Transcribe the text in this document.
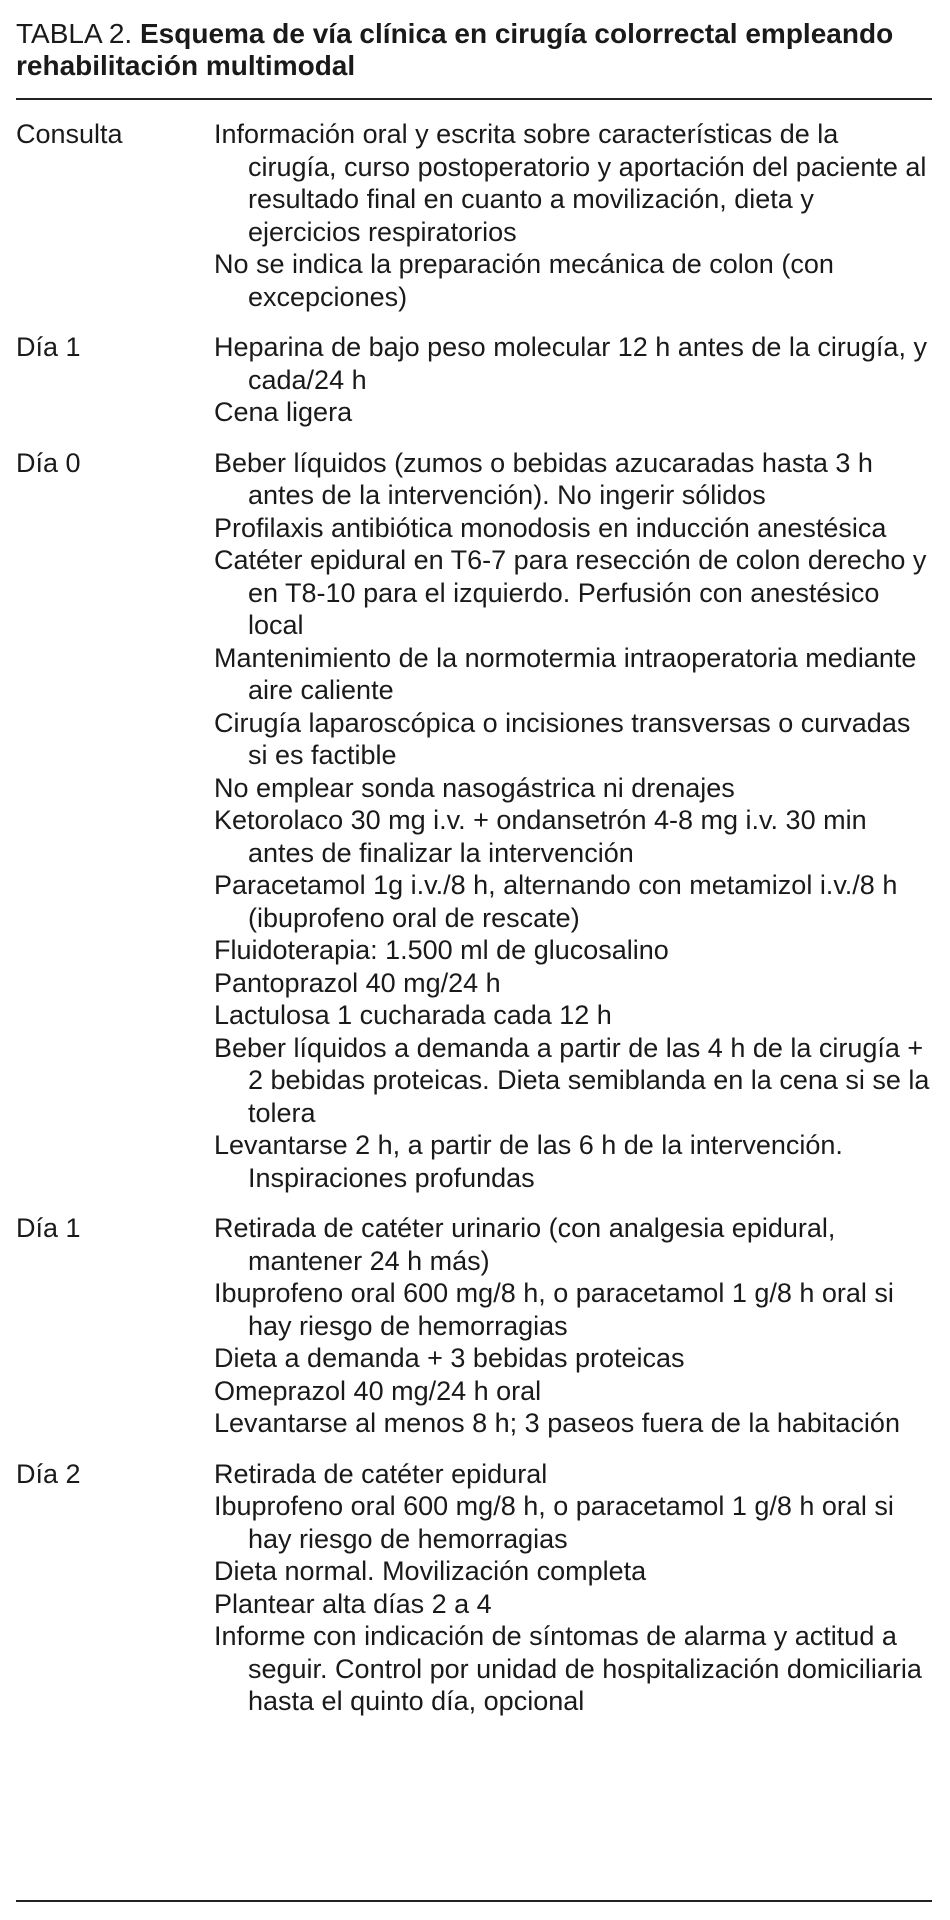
TABLA 2. Esquema de vía clínica en cirugía colorrectal empleando rehabilitación multimodal
Consulta	Información oral y escrita sobre características de la cirugía, curso postoperatorio y aportación del paciente al resultado final en cuanto a movilización, dieta y ejercicios respiratorios
No se indica la preparación mecánica de colon (con excepciones)
Día 1	Heparina de bajo peso molecular 12 h antes de la cirugía, y cada/24 h
Cena ligera
Día 0	Beber líquidos (zumos o bebidas azucaradas hasta 3 h antes de la intervención). No ingerir sólidos
Profilaxis antibiótica monodosis en inducción anestésica
Catéter epidural en T6-7 para resección de colon derecho y en T8-10 para el izquierdo. Perfusión con anestésico local
Mantenimiento de la normotermia intraoperatoria mediante aire caliente
Cirugía laparoscópica o incisiones transversas o curvadas si es factible
No emplear sonda nasogástrica ni drenajes
Ketorolaco 30 mg i.v. + ondansetrón 4-8 mg i.v. 30 min antes de finalizar la intervención
Paracetamol 1g i.v./8 h, alternando con metamizol i.v./8 h (ibuprofeno oral de rescate)
Fluidoterapia: 1.500 ml de glucosalino
Pantoprazol 40 mg/24 h
Lactulosa 1 cucharada cada 12 h
Beber líquidos a demanda a partir de las 4 h de la cirugía + 2 bebidas proteicas. Dieta semiblanda en la cena si se la tolera
Levantarse 2 h, a partir de las 6 h de la intervención. Inspiraciones profundas
Día 1	Retirada de catéter urinario (con analgesia epidural, mantener 24 h más)
Ibuprofeno oral 600 mg/8 h, o paracetamol 1 g/8 h oral si hay riesgo de hemorragias
Dieta a demanda + 3 bebidas proteicas
Omeprazol 40 mg/24 h oral
Levantarse al menos 8 h; 3 paseos fuera de la habitación
Día 2	Retirada de catéter epidural
Ibuprofeno oral 600 mg/8 h, o paracetamol 1 g/8 h oral si hay riesgo de hemorragias
Dieta normal. Movilización completa
Plantear alta días 2 a 4
Informe con indicación de síntomas de alarma y actitud a seguir. Control por unidad de hospitalización domiciliaria hasta el quinto día, opcional
